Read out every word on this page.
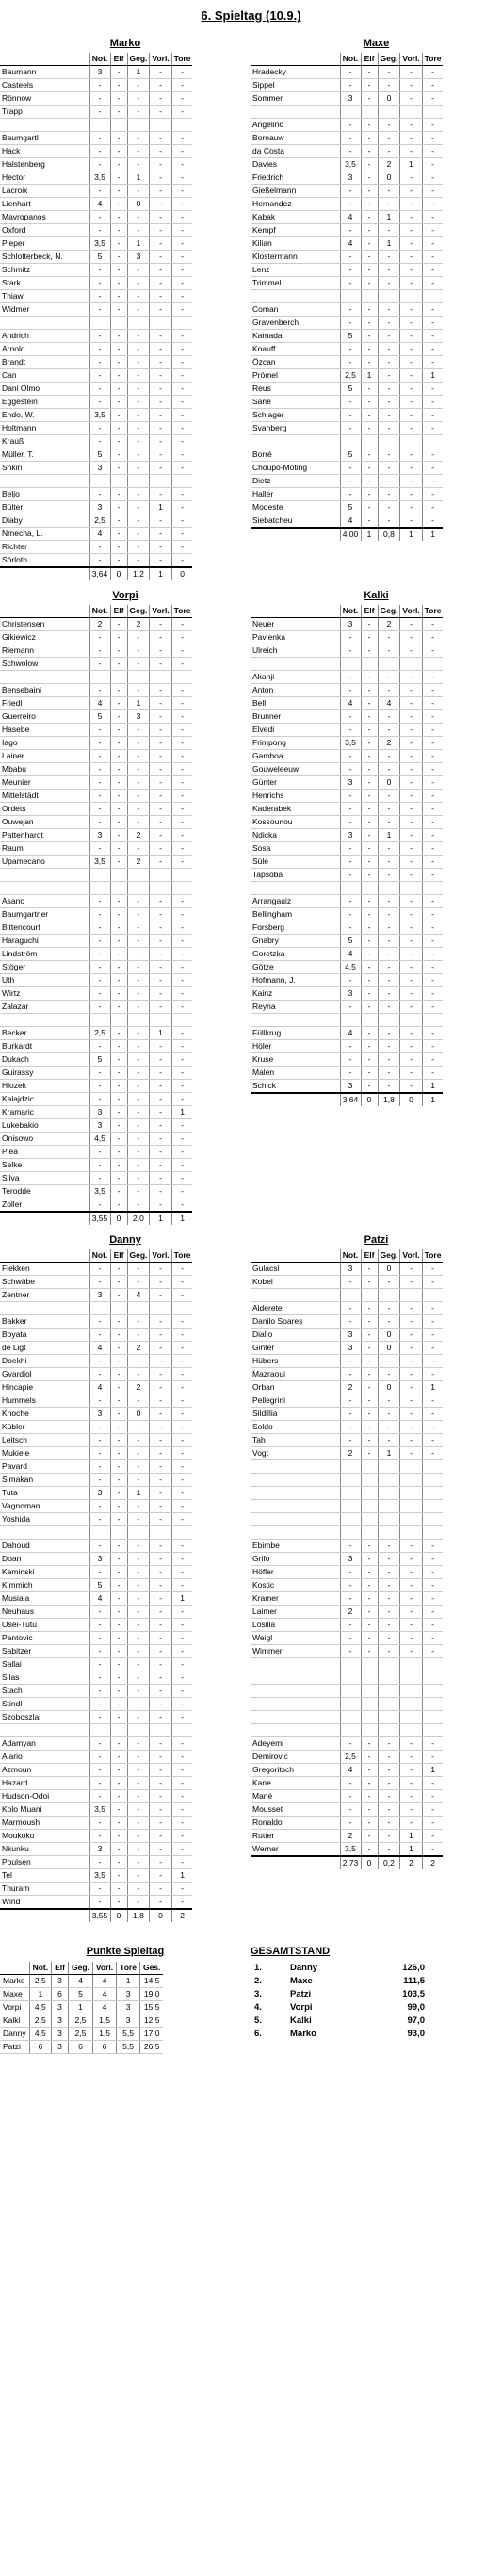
6. Spieltag (10.9.)
Marko
	Not.	Elf	Geg.	Vorl.	Tore
Baumann	3	-	1	-	-
Casteels	-	-	-	-	-
Rönnow	-	-	-	-	-
Trapp	-	-	-	-	-

Baumgartl	-	-	-	-	-
Hack	-	-	-	-	-
Halstenberg	-	-	-	-	-
Hector	3,5	-	1	-	-
Lacroix	-	-	-	-	-
Lienhart	4	-	0	-	-
Mavropanos	-	-	-	-	-
Oxford	-	-	-	-	-
Pieper	3,5	-	1	-	-
Schlotterbeck, N.	5	-	3	-	-
Schmitz	-	-	-	-	-
Stark	-	-	-	-	-
Thiaw	-	-	-	-	-
Widmer	-	-	-	-	-

Andrich	-	-	-	-	-
Arnold	-	-	-	-	-
Brandt	-	-	-	-	-
Can	-	-	-	-	-
Dani Olmo	-	-	-	-	-
Eggestein	-	-	-	-	-
Endo, W.	3,5	-	-	-	-
Holtmann	-	-	-	-	-
Krauß	-	-	-	-	-
Müller, T.	5	-	-	-	-
Shkiri	3	-	-	-	-

Beljo	-	-	-	-	-
Bülter	3	-	-	1	-
Diaby	2,5	-	-	-	-
Nmecha, L.	4	-	-	-	-
Richter	-	-	-	-	-
Sörloth	-	-	-	-	-
	3,64	0	1,2	1	0
Maxe
	Not.	Elf	Geg.	Vorl.	Tore
Hradecky	-	-	-	-	-
Sippel	-	-	-	-	-
Sommer	3	-	0	-	-

Angelino	-	-	-	-	-
Bornauw	-	-	-	-	-
da Costa	-	-	-	-	-
Davies	3,5	-	2	1	-
Friedrich	3	-	0	-	-
Gießelmann	-	-	-	-	-
Hernandez	-	-	-	-	-
Kabak	4	-	1	-	-
Kempf	-	-	-	-	-
Kilian	4	-	1	-	-
Klostermann	-	-	-	-	-
Lenz	-	-	-	-	-
Trimmel	-	-	-	-	-

Coman	-	-	-	-	-
Gravenberch	-	-	-	-	-
Kamada	5	-	-	-	-
Knauff	-	-	-	-	-
Özcan	-	-	-	-	-
Prömel	2,5	1	-	-	1
Reus	5	-	-	-	-
Sané	-	-	-	-	-
Schlager	-	-	-	-	-
Svanberg	-	-	-	-	-

Borré	5	-	-	-	-
Choupo-Moting	-	-	-	-	-
Dietz	-	-	-	-	-
Haller	-	-	-	-	-
Modeste	5	-	-	-	-
Siebatcheu	4	-	-	-	-
	4,00	1	0,8	1	1
Vorpi
	Not.	Elf	Geg.	Vorl.	Tore
Christensen	2	-	2	-	-
Gikiewicz	-	-	-	-	-
Riemann	-	-	-	-	-
Schwolow	-	-	-	-	-

Bensebaini	-	-	-	-	-
Friedl	4	-	1	-	-
Guerreiro	5	-	3	-	-
Hasebe	-	-	-	-	-
Iago	-	-	-	-	-
Lainer	-	-	-	-	-
Mbabu	-	-	-	-	-
Meunier	-	-	-	-	-
Mittelstädt	-	-	-	-	-
Ordets	-	-	-	-	-
Ouwejan	-	-	-	-	-
Pattenhardt	3	-	2	-	-
Raum	-	-	-	-	-
Upamecano	3,5	-	2	-	-

Asano	-	-	-	-	-
Baumgartner	-	-	-	-	-
Bittencourt	-	-	-	-	-
Haraguchi	-	-	-	-	-
Lindström	-	-	-	-	-
Stöger	-	-	-	-	-
Uth	-	-	-	-	-
Wirtz	-	-	-	-	-
Zalazar	-	-	-	-	-

Becker	2,5	-	-	1	-
Burkardt	-	-	-	-	-
Dukach	5	-	-	-	-
Guirassy	-	-	-	-	-
Hlozek	-	-	-	-	-
Kalajdzic	-	-	-	-	-
Kramaric	3	-	-	-	1
Lukebakio	3	-	-	-	-
Onisowo	4,5	-	-	-	-
Plea	-	-	-	-	-
Selke	-	-	-	-	-
Silva	-	-	-	-	-
Terodde	3,5	-	-	-	-
Zoller	-	-	-	-	-
	3,55	0	2,0	1	1
Kalki
	Not.	Elf	Geg.	Vorl.	Tore
Neuer	3	-	2	-	-
Pavlenka	-	-	-	-	-
Ulreich	-	-	-	-	-

Akanji	-	-	-	-	-
Anton	-	-	-	-	-
Bell	4	-	4	-	-
Brunner	-	-	-	-	-
Elvedi	-	-	-	-	-
Frimpong	3,5	-	2	-	-
Gamboa	-	-	-	-	-
Gouweleeuw	-	-	-	-	-
Günter	3	-	0	-	-
Henrichs	-	-	-	-	-
Kaderabek	-	-	-	-	-
Kossounou	-	-	-	-	-
Ndicka	3	-	1	-	-
Sosa	-	-	-	-	-
Süle	-	-	-	-	-
Tapsoba	-	-	-	-	-

Arrangauiz	-	-	-	-	-
Bellingham	-	-	-	-	-
Forsberg	-	-	-	-	-
Gnabry	5	-	-	-	-
Goretzka	4	-	-	-	-
Götze	4,5	-	-	-	-
Hofmann, J.	-	-	-	-	-
Kainz	3	-	-	-	-
Reyna	-	-	-	-	-

Füllkrug	4	-	-	-	-
Höler	-	-	-	-	-
Kruse	-	-	-	-	-
Malen	-	-	-	-	-
Schick	3	-	-	-	1
	3,64	0	1,8	0	1
Danny
	Not.	Elf	Geg.	Vorl.	Tore
Flekken	-	-	-	-	-
Schwäbe	-	-	-	-	-
Zentner	3	-	4	-	-

Bakker	-	-	-	-	-
Boyata	-	-	-	-	-
de Ligt	4	-	2	-	-
Doekhi	-	-	-	-	-
Gvardiol	-	-	-	-	-
Hincapie	4	-	2	-	-
Hummels	-	-	-	-	-
Knoche	3	-	0	-	-
Kübler	-	-	-	-	-
Leitsch	-	-	-	-	-
Mukiele	-	-	-	-	-
Pavard	-	-	-	-	-
Simakan	-	-	-	-	-
Tuta	3	-	1	-	-
Vagnoman	-	-	-	-	-
Yoshida	-	-	-	-	-

Dahoud	-	-	-	-	-
Doan	3	-	-	-	-
Kaminski	-	-	-	-	-
Kimmich	5	-	-	-	-
Musiala	4	-	-	-	1
Neuhaus	-	-	-	-	-
Osei-Tutu	-	-	-	-	-
Pantovic	-	-	-	-	-
Sabitzer	-	-	-	-	-
Sallai	-	-	-	-	-
Silas	-	-	-	-	-
Stach	-	-	-	-	-
Stindl	-	-	-	-	-
Szoboszlai	-	-	-	-	-

Adamyan	-	-	-	-	-
Alario	-	-	-	-	-
Azmoun	-	-	-	-	-
Hazard	-	-	-	-	-
Hudson-Odoi	-	-	-	-	-
Kolo Muani	3,5	-	-	-	-
Marmoush	-	-	-	-	-
Moukoko	-	-	-	-	-
Nkunku	3	-	-	-	-
Poulsen	-	-	-	-	-
Tel	3,5	-	-	-	1
Thuram	-	-	-	-	-
Wind	-	-	-	-	-
	3,55	0	1,8	0	2
Patzi
	Not.	Elf	Geg.	Vorl.	Tore
Gulacsi	3	-	0	-	-
Kobel	-	-	-	-	-

Alderete	-	-	-	-	-
Danilo Soares	-	-	-	-	-
Diallo	3	-	0	-	-
Ginter	3	-	0	-	-
Hübers	-	-	-	-	-
Mazraoui	-	-	-	-	-
Orban	2	-	0	-	1
Pellegrini	-	-	-	-	-
Sildillia	-	-	-	-	-
Soldo	-	-	-	-	-
Tah	-	-	-	-	-
Vogt	2	-	1	-	-

Ebimbe	-	-	-	-	-
Grifo	3	-	-	-	-
Höfler	-	-	-	-	-
Kostic	-	-	-	-	-
Kramer	-	-	-	-	-
Laimer	2	-	-	-	-
Losilla	-	-	-	-	-
Weigl	-	-	-	-	-
Wimmer	-	-	-	-	-

Adeyemi	-	-	-	-	-
Demirovic	2,5	-	-	-	-
Gregoritsch	4	-	-	-	1
Kane	-	-	-	-	-
Mané	-	-	-	-	-
Mousset	-	-	-	-	-
Ronaldo	-	-	-	-	-
Rutter	2	-	-	1	-
Werner	3,5	-	-	1	-
	2,73	0	0,2	2	2
Punkte Spieltag
	Not.	Elf	Geg.	Vorl.	Tore	Ges.
Marko	2,5	3	4	4	1	14,5
Maxe	1	6	5	4	3	19,0
Vorpi	4,5	3	1	4	3	15,5
Kalki	2,5	3	2,5	1,5	3	12,5
Danny	4,5	3	2,5	1,5	5,5	17,0
Patzi	6	3	6	6	5,5	26,5
GESAMTSTAND
1.	Danny	126,0
2.	Maxe	111,5
3.	Patzi	103,5
4.	Vorpi	99,0
5.	Kalki	97,0
6.	Marko	93,0
